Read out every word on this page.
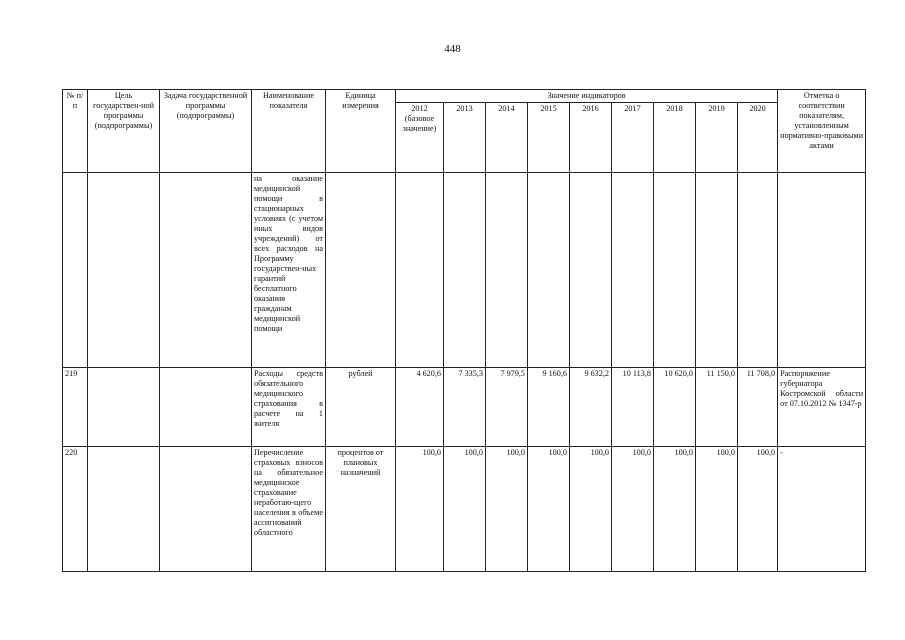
448
№ п/п	Цель государствен-ной программы (подпрограммы)	Задача государственной программы (подпрограммы)	Наименование показателя	Единица измерения	Значение индикаторов									Отметка о соответствии показателям, установленным нормативно-правовыми актами
					2012 (базовое значение)	2013	2014	2015	2016	2017	2018	2019	2020	
			на оказание медицинской помощи в стационарных условиях (с учетом иных видов учреждений) от всех расходов на Программу государствен-ных гарантий бесплатного оказания гражданам медицинской помощи											
219			Расходы средств обязательного медицинского страхования в расчете на 1 жителя	рублей	4 620,6	7 335,3	7 979,5	9 160,6	9 632,2	10 113,8	10 620,0	11 150,0	11 708,0	Распоряжение губернатора Костромской области от 07.10.2012 № 1347-р
220			Перечисление страховых взносов на обязательное медицинское страхование неработаю-щего населения в объеме ассигнований областного	процентов от плановых назначений	100,0	100,0	100,0	100,0	100,0	100,0	100,0	100,0	100,0	-
